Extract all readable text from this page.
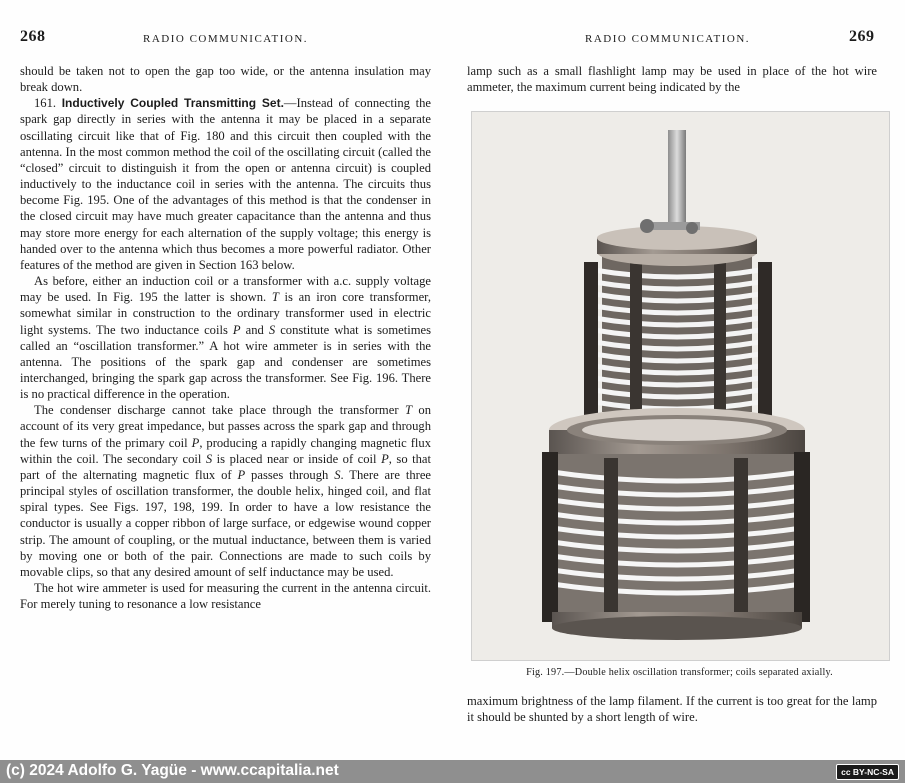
268	RADIO COMMUNICATION.

should be taken not to open the gap too wide, or the antenna insulation may break down.

161. Inductively Coupled Transmitting Set.—Instead of connecting the spark gap directly in series with the antenna it may be placed in a separate oscillating circuit like that of Fig. 180 and this circuit then coupled with the antenna. In the most common method the coil of the oscillating circuit (called the “closed” circuit to distinguish it from the open or antenna circuit) is coupled inductively to the inductance coil in series with the antenna. The circuits thus become Fig. 195. One of the advantages of this method is that the condenser in the closed circuit may have much greater capacitance than the antenna and thus may store more energy for each alternation of the supply voltage; this energy is handed over to the antenna which thus becomes a more powerful radiator. Other features of the method are given in Section 163 below.

As before, either an induction coil or a transformer with a.c. supply voltage may be used. In Fig. 195 the latter is shown. T is an iron core transformer, somewhat similar in construction to the ordinary transformer used in electric light systems. The two inductance coils P and S constitute what is sometimes called an “oscillation transformer.” A hot wire ammeter is in series with the antenna. The positions of the spark gap and condenser are sometimes interchanged, bringing the spark gap across the transformer. See Fig. 196. There is no practical difference in the operation.

The condenser discharge cannot take place through the transformer T on account of its very great impedance, but passes across the spark gap and through the few turns of the primary coil P, producing a rapidly changing magnetic flux within the coil. The secondary coil S is placed near or inside of coil P, so that part of the alternating magnetic flux of P passes through S. There are three principal styles of oscillation transformer, the double helix, hinged coil, and flat spiral types. See Figs. 197, 198, 199. In order to have a low resistance the conductor is usually a copper ribbon of large surface, or edgewise wound copper strip. The amount of coupling, or the mutual inductance, between them is varied by moving one or both of the pair. Connections are made to such coils by movable clips, so that any desired amount of self inductance may be used.

The hot wire ammeter is used for measuring the current in the antenna circuit. For merely tuning to resonance a low resistance

RADIO COMMUNICATION.	269
lamp such as a small flashlight lamp may be used in place of the hot wire ammeter, the maximum current being indicated by the
Fig. 197.—Double helix oscillation transformer; coils separated axially.
maximum brightness of the lamp filament. If the current is too great for the lamp it should be shunted by a short length of wire.
(c) 2024 Adolfo G. Yagüe - www.ccapitalia.net	cc BY-NC-SA
